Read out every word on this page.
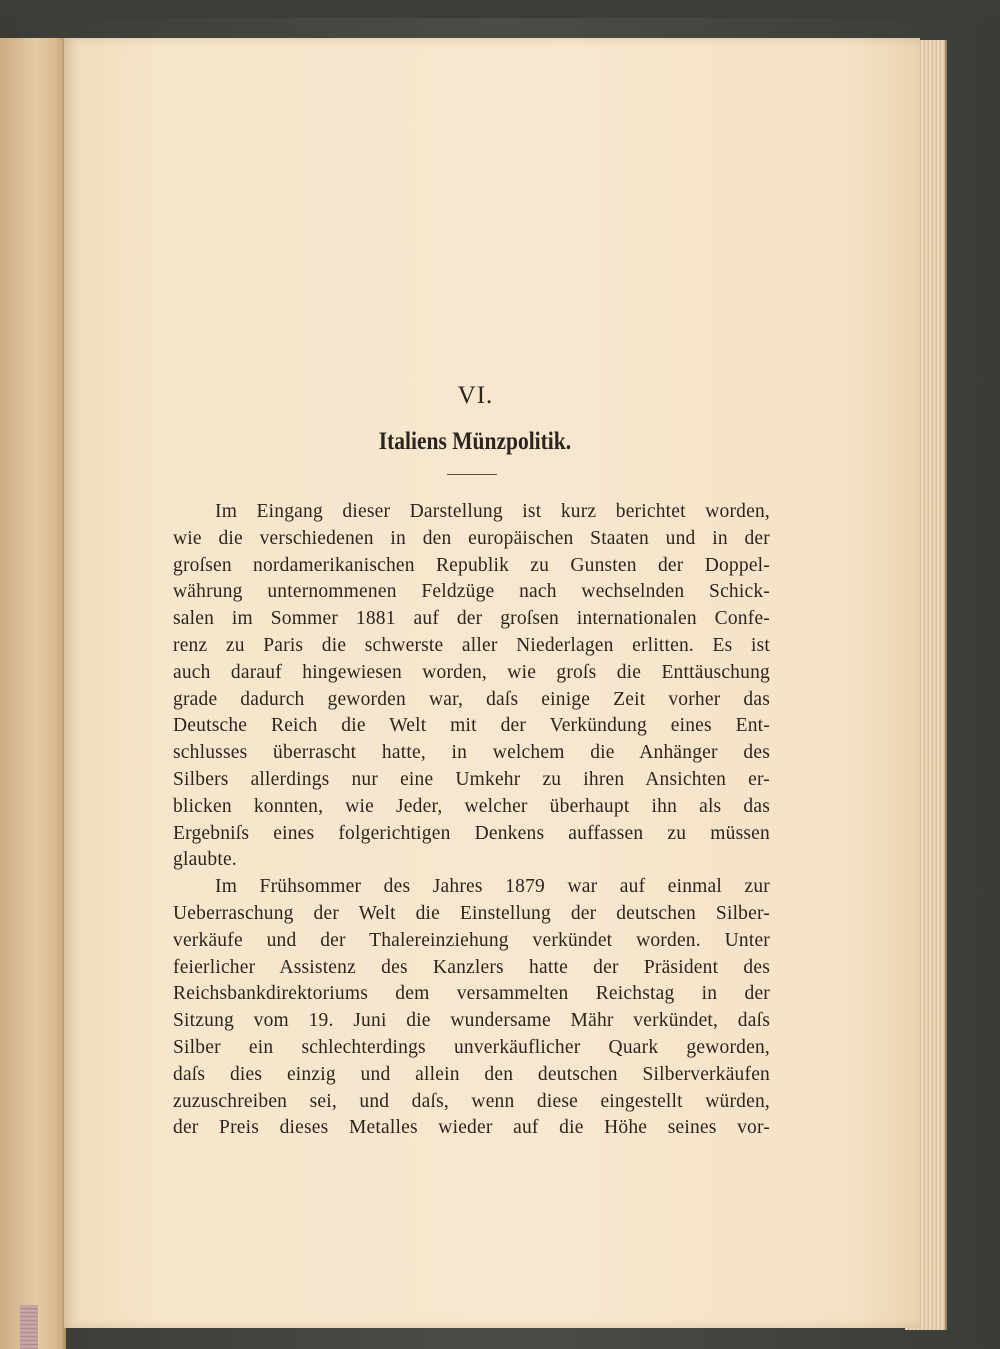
VI.
Italiens Münzpolitik.
Im Eingang dieser Darstellung ist kurz berichtet worden,
wie die verschiedenen in den europäischen Staaten und in der
groſsen nordamerikanischen Republik zu Gunsten der Doppel-
währung unternommenen Feldzüge nach wechselnden Schick-
salen im Sommer 1881 auf der groſsen internationalen Confe-
renz zu Paris die schwerste aller Niederlagen erlitten. Es ist
auch darauf hingewiesen worden, wie groſs die Enttäuschung
grade dadurch geworden war, daſs einige Zeit vorher das
Deutsche Reich die Welt mit der Verkündung eines Ent-
schlusses überrascht hatte, in welchem die Anhänger des
Silbers allerdings nur eine Umkehr zu ihren Ansichten er-
blicken konnten, wie Jeder, welcher überhaupt ihn als das
Ergebniſs eines folgerichtigen Denkens auffassen zu müssen
glaubte.
Im Frühsommer des Jahres 1879 war auf einmal zur
Ueberraschung der Welt die Einstellung der deutschen Silber-
verkäufe und der Thalereinziehung verkündet worden. Unter
feierlicher Assistenz des Kanzlers hatte der Präsident des
Reichsbankdirektoriums dem versammelten Reichstag in der
Sitzung vom 19. Juni die wundersame Mähr verkündet, daſs
Silber ein schlechterdings unverkäuflicher Quark geworden,
daſs dies einzig und allein den deutschen Silberverkäufen
zuzuschreiben sei, und daſs, wenn diese eingestellt würden,
der Preis dieses Metalles wieder auf die Höhe seines vor-
